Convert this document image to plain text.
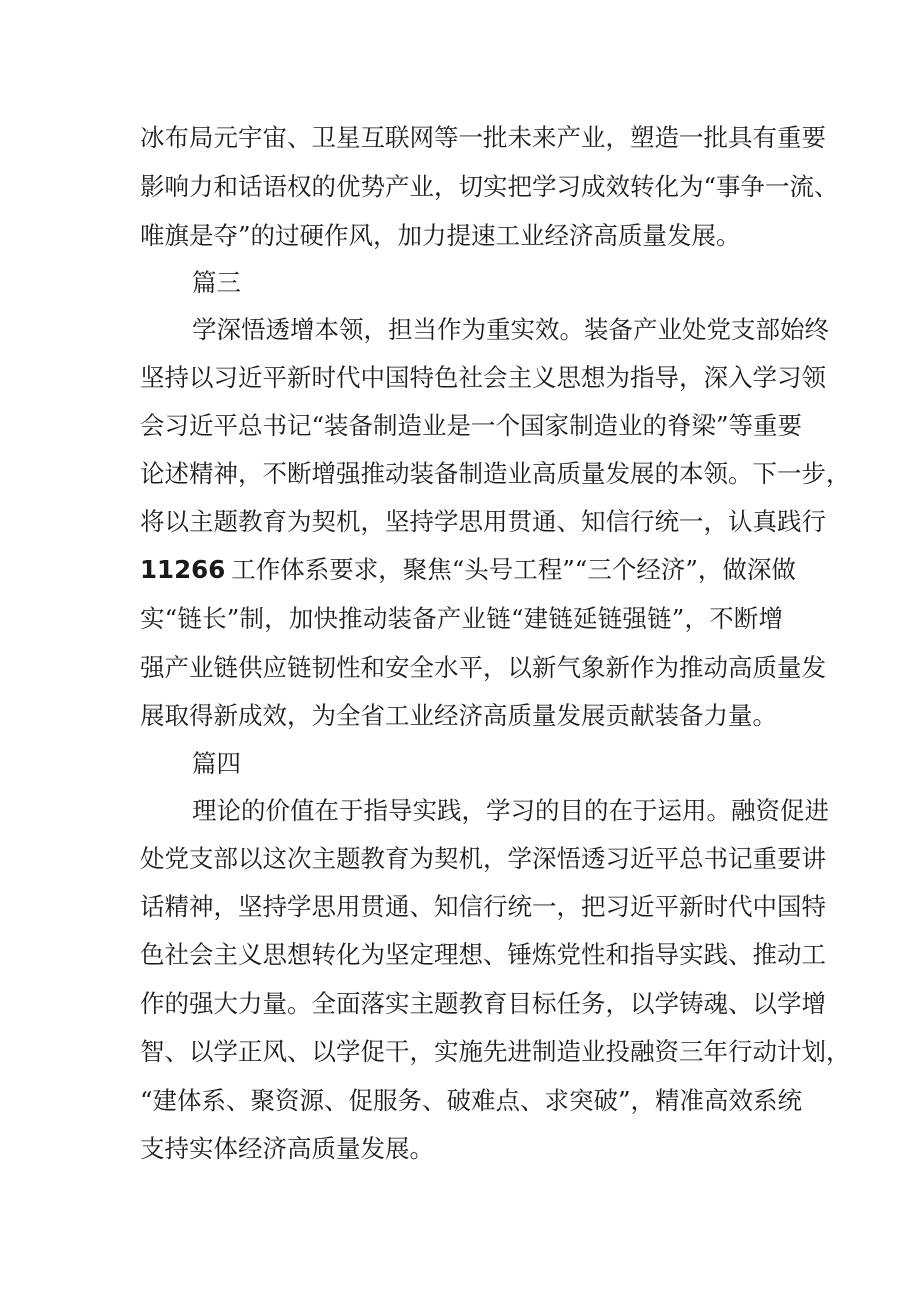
冰布局元宇宙、卫星互联网等一批未来产业，塑造一批具有重要
影响力和话语权的优势产业，切实把学习成效转化为“事争一流、
唯旗是夺”的过硬作风，加力提速工业经济高质量发展。
篇三
学深悟透增本领，担当作为重实效。装备产业处党支部始终
坚持以习近平新时代中国特色社会主义思想为指导，深入学习领
会习近平总书记“装备制造业是一个国家制造业的脊梁”等重要
论述精神，不断增强推动装备制造业高质量发展的本领。下一步，
将以主题教育为契机，坚持学思用贯通、知信行统一，认真践行
11266 工作体系要求，聚焦“头号工程”“三个经济”，做深做
实“链长”制，加快推动装备产业链“建链延链强链”，不断增
强产业链供应链韧性和安全水平，以新气象新作为推动高质量发
展取得新成效，为全省工业经济高质量发展贡献装备力量。
篇四
理论的价值在于指导实践，学习的目的在于运用。融资促进
处党支部以这次主题教育为契机，学深悟透习近平总书记重要讲
话精神，坚持学思用贯通、知信行统一，把习近平新时代中国特
色社会主义思想转化为坚定理想、锤炼党性和指导实践、推动工
作的强大力量。全面落实主题教育目标任务，以学铸魂、以学增
智、以学正风、以学促干，实施先进制造业投融资三年行动计划，
“建体系、聚资源、促服务、破难点、求突破”，精准高效系统
支持实体经济高质量发展。
